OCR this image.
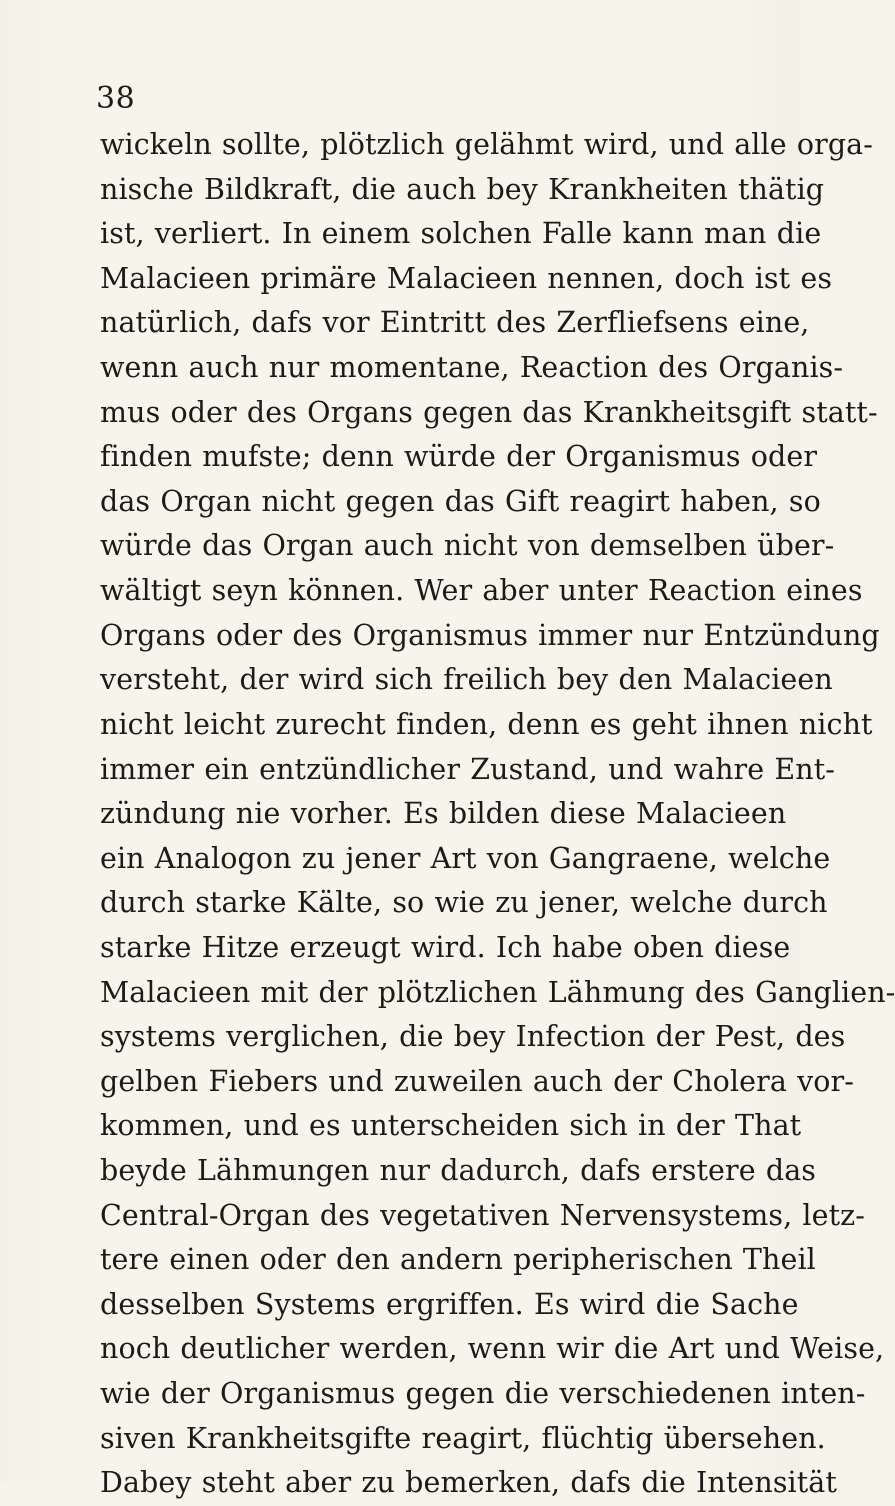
38
wickeln sollte, plötzlich gelähmt wird, und alle orga-
nische Bildkraft, die auch bey Krankheiten thätig
ist, verliert. In einem solchen Falle kann man die
Malacieen primäre Malacieen nennen, doch ist es
natürlich, dafs vor Eintritt des Zerfliefsens eine,
wenn auch nur momentane, Reaction des Organis-
mus oder des Organs gegen das Krankheitsgift statt-
finden mufste; denn würde der Organismus oder
das Organ nicht gegen das Gift reagirt haben, so
würde das Organ auch nicht von demselben über-
wältigt seyn können. Wer aber unter Reaction eines
Organs oder des Organismus immer nur Entzündung
versteht, der wird sich freilich bey den Malacieen
nicht leicht zurecht finden, denn es geht ihnen nicht
immer ein entzündlicher Zustand, und wahre Ent-
zündung nie vorher. Es bilden diese Malacieen
ein Analogon zu jener Art von Gangraene, welche
durch starke Kälte, so wie zu jener, welche durch
starke Hitze erzeugt wird. Ich habe oben diese
Malacieen mit der plötzlichen Lähmung des Ganglien-
systems verglichen, die bey Infection der Pest, des
gelben Fiebers und zuweilen auch der Cholera vor-
kommen, und es unterscheiden sich in der That
beyde Lähmungen nur dadurch, dafs erstere das
Central-Organ des vegetativen Nervensystems, letz-
tere einen oder den andern peripherischen Theil
desselben Systems ergriffen. Es wird die Sache
noch deutlicher werden, wenn wir die Art und Weise,
wie der Organismus gegen die verschiedenen inten-
siven Krankheitsgifte reagirt, flüchtig übersehen.
Dabey steht aber zu bemerken, dafs die Intensität
